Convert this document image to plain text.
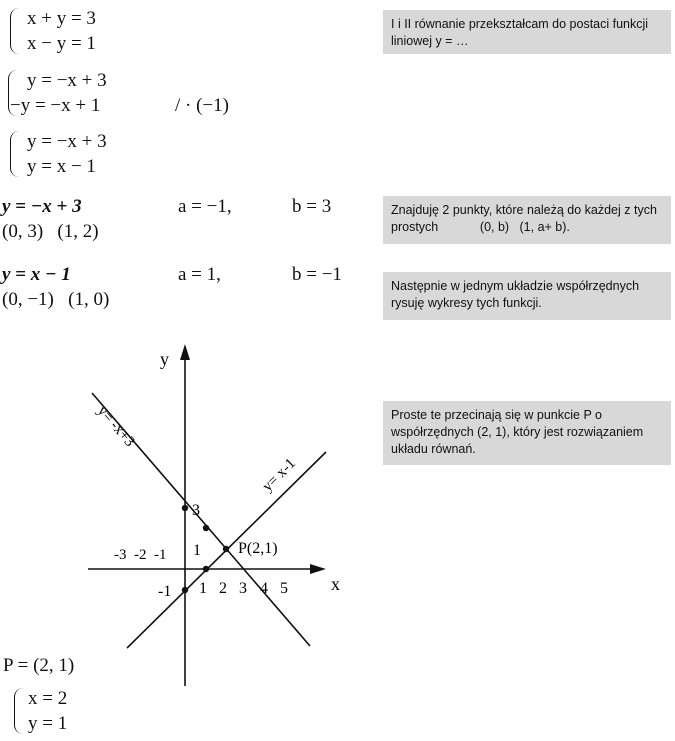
x + y = 3
x − y = 1
y = −x + 3
−y = −x + 1	/ · (−1)
y = −x + 3
y = x − 1
y = −x + 3	a = −1,	b = 3
(0, 3)   (1, 2)
y = x − 1	a = 1,	b = −1
(0, −1)   (1, 0)
I i II równanie przekształcam do postaci funkcji liniowej y = …
Znajduję 2 punkty, które należą do każdej z tych prostych            (0, b)   (1, a+ b).
Następnie w jednym układzie współrzędnych rysuję wykresy tych funkcji.
Proste te przecinają się w punkcie P o współrzędnych (2, 1), który jest rozwiązaniem układu równań.
y
x
y= -x+3
y= x-1
3
1
-1
-3  -2  -1
1 2 3 4 5
P(2,1)
P = (2, 1)
x = 2
y = 1
